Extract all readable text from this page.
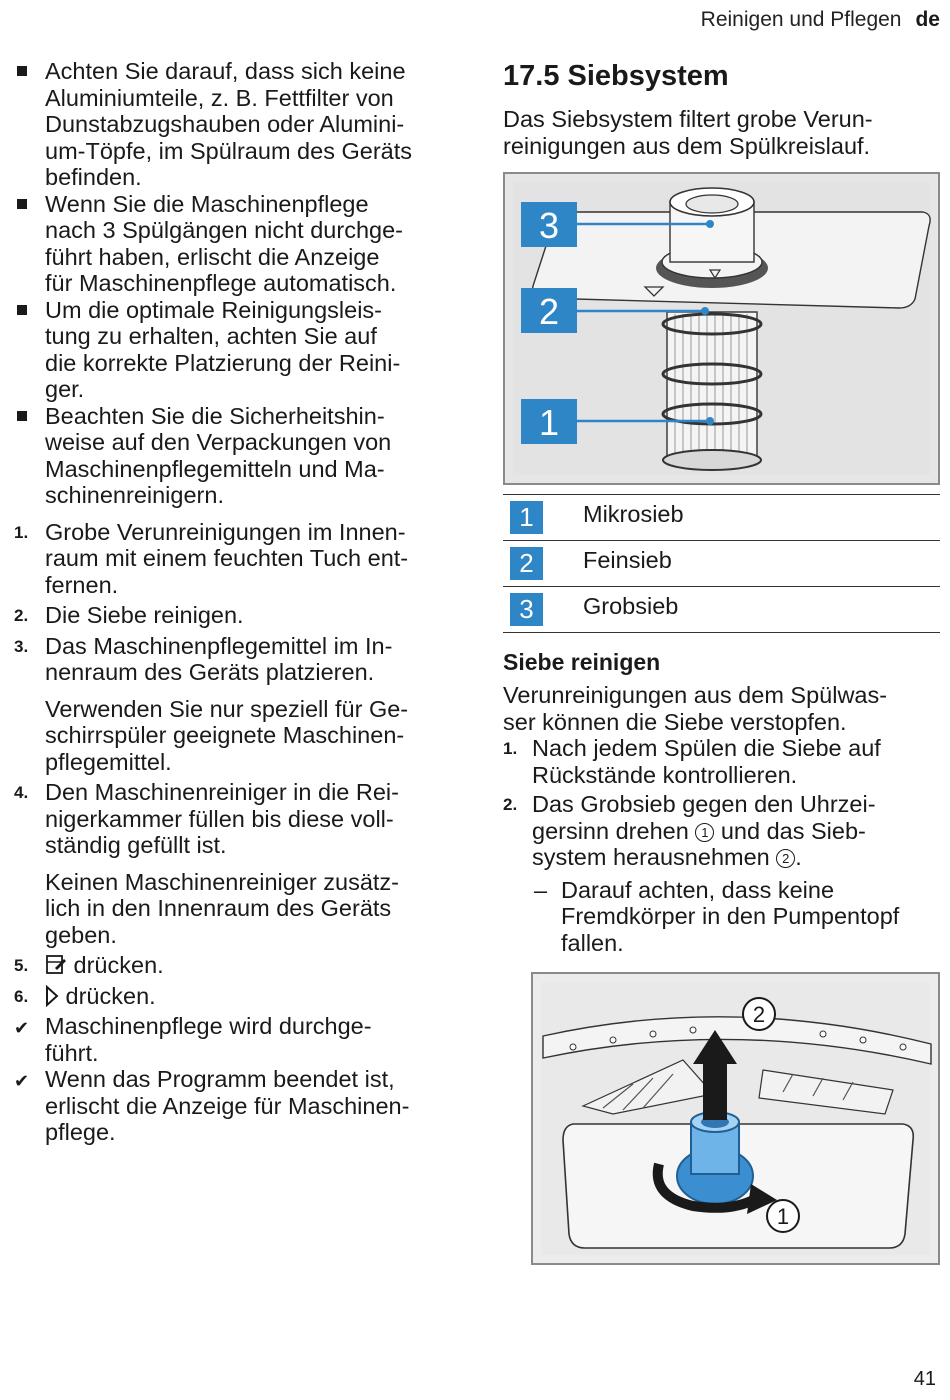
Reinigen und Pflegen de
Achten Sie darauf, dass sich keine
Aluminiumteile, z. B. Fettfilter von
Dunstabzugshauben oder Alumini-
um-Töpfe, im Spülraum des Geräts
befinden.
Wenn Sie die Maschinenpflege
nach 3 Spülgängen nicht durchge-
führt haben, erlischt die Anzeige
für Maschinenpflege automatisch.
Um die optimale Reinigungsleis-
tung zu erhalten, achten Sie auf
die korrekte Platzierung der Reini-
ger.
Beachten Sie die Sicherheitshin-
weise auf den Verpackungen von
Maschinenpflegemitteln und Ma-
schinenreinigern.
1. Grobe Verunreinigungen im Innen-
raum mit einem feuchten Tuch ent-
fernen.
2. Die Siebe reinigen.
3. Das Maschinenpflegemittel im In-
nenraum des Geräts platzieren.
Verwenden Sie nur speziell für Ge-
schirrspüler geeignete Maschinen-
pflegemittel.
4. Den Maschinenreiniger in die Rei-
nigerkammer füllen bis diese voll-
ständig gefüllt ist.
Keinen Maschinenreiniger zusätz-
lich in den Innenraum des Geräts
geben.
5. drücken.
6. drücken.
✔ Maschinenpflege wird durchge-
führt.
✔ Wenn das Programm beendet ist,
erlischt die Anzeige für Maschinen-
pflege.
17.5 Siebsystem

Das Siebsystem filtert grobe Verun-

reinigungen aus dem Spülkreislauf.

3
2
1
1	Mikrosieb
2	Feinsieb
3	Grobsieb
Siebe reinigen

Verunreinigungen aus dem Spülwas-

ser können die Siebe verstopfen.

1. Nach jedem Spülen die Siebe auf
Rückstände kontrollieren.
2. Das Grobsieb gegen den Uhrzei-
gersinn drehen 1 und das Sieb-
system herausnehmen 2 .
– Darauf achten, dass keine
Fremdkörper in den Pumpentopf
fallen.
2
1
41
